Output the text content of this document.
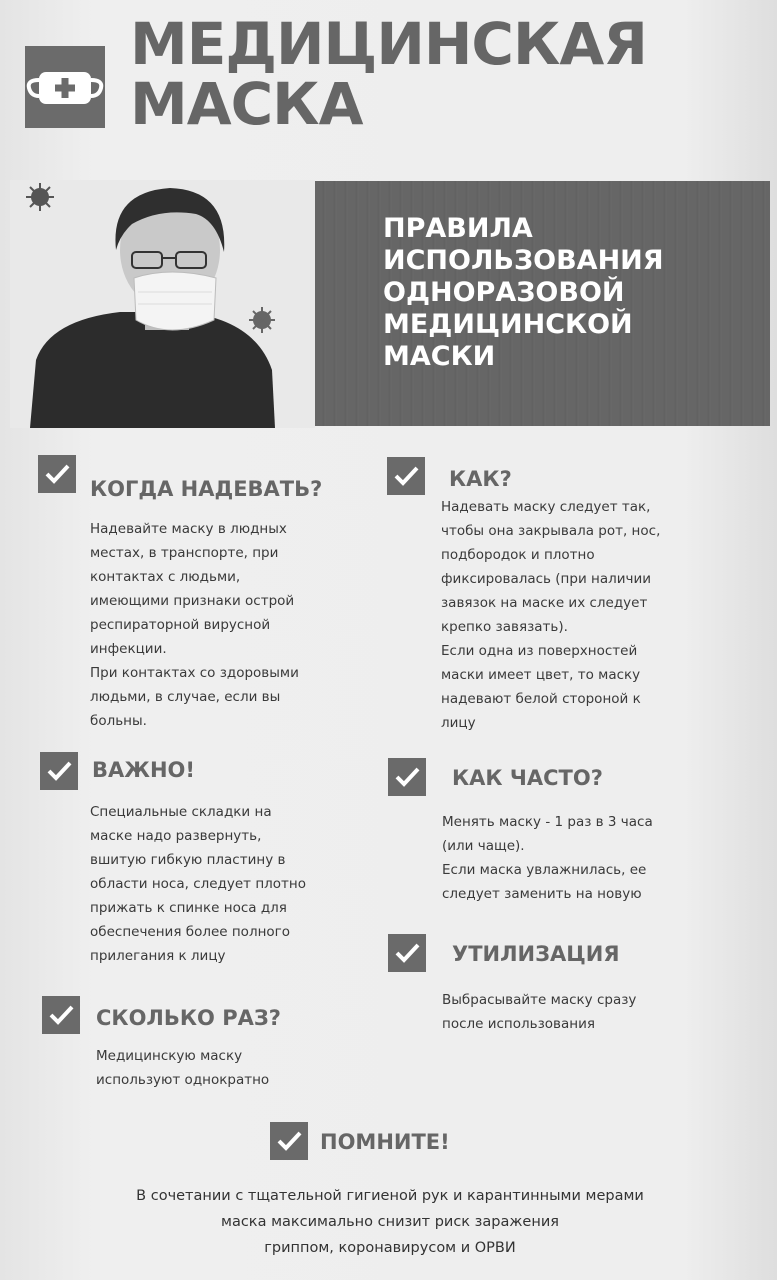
МЕДИЦИНСКАЯ
МАСКА
ПРАВИЛА
ИСПОЛЬЗОВАНИЯ
ОДНОРАЗОВОЙ
МЕДИЦИНСКОЙ
МАСКИ
КОГДА НАДЕВАТЬ?

Надевайте маску в людных

местах, в транспорте, при

контактах с людьми,

имеющими признаки острой

респираторной вирусной

инфекции.

При контактах со здоровыми

людьми, в случае, если вы

больны.

КАК?

Надевать маску следует так,

чтобы она закрывала рот, нос,

подбородок и плотно

фиксировалась (при наличии

завязок на маске их следует

крепко завязать).

Если одна из поверхностей

маски имеет цвет, то маску

надевают белой стороной к

лицу

ВАЖНО!

Специальные складки на

маске надо развернуть,

вшитую гибкую пластину в

области носа, следует плотно

прижать к спинке носа для

обеспечения более полного

прилегания к лицу

КАК ЧАСТО?

Менять маску - 1 раз в 3 часа

(или чаще).

Если маска увлажнилась, ее

следует заменить на новую

УТИЛИЗАЦИЯ

Выбрасывайте маску сразу

после использования

СКОЛЬКО РАЗ?

Медицинскую маску

используют однократно

ПОМНИТЕ!

В сочетании с тщательной гигиеной рук и карантинными мерами

маска максимально снизит риск заражения

гриппом, коронавирусом и ОРВИ
